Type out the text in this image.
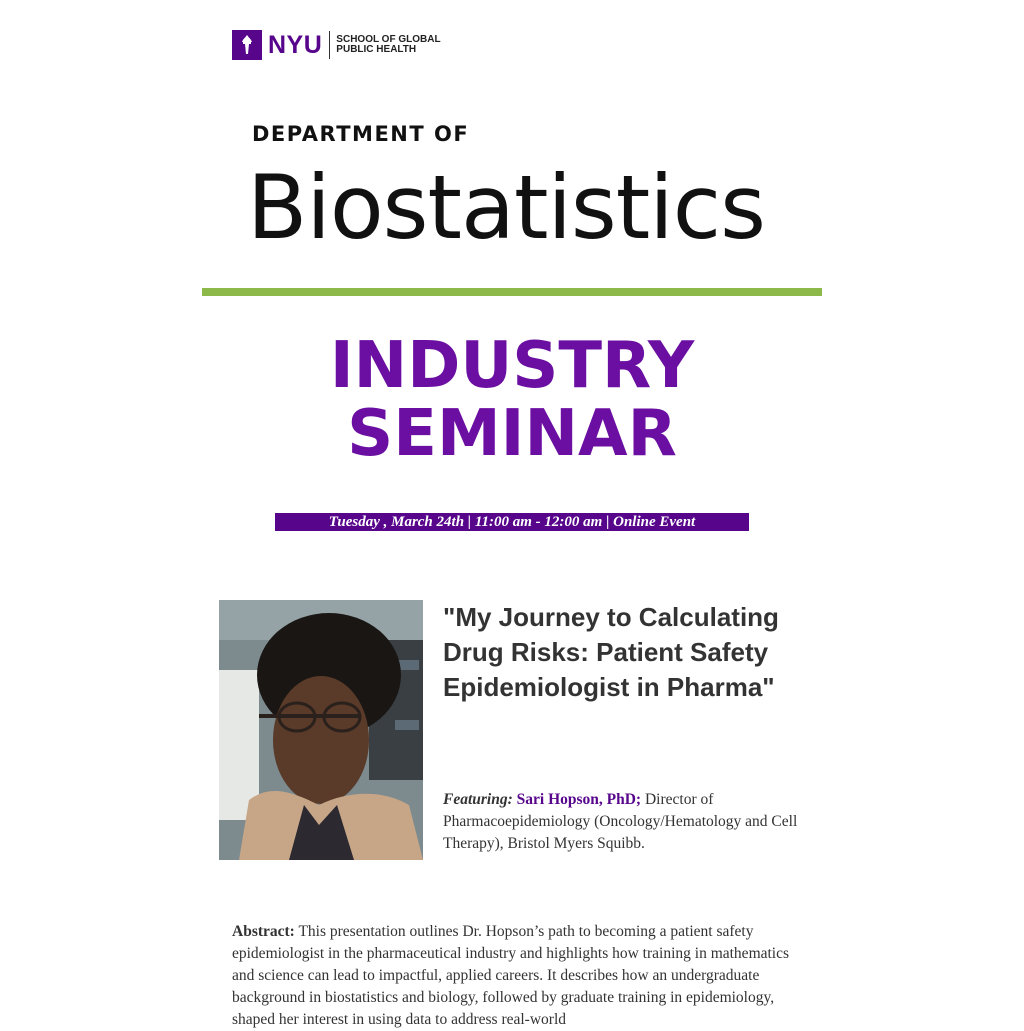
NYU SCHOOL OF GLOBAL
PUBLIC HEALTH
DEPARTMENT OF
Biostatistics
INDUSTRY
SEMINAR
Tuesday , March 24th | 11:00 am - 12:00 am | Online Event
"My Journey to Calculating Drug Risks: Patient Safety Epidemiologist in Pharma"
Featuring: Sari Hopson, PhD; Director of Pharmacoepidemiology (Oncology/Hematology and Cell Therapy), Bristol Myers Squibb.
Abstract: This presentation outlines Dr. Hopson’s path to becoming a patient safety epidemiologist in the pharmaceutical industry and highlights how training in mathematics and science can lead to impactful, applied careers. It describes how an undergraduate background in biostatistics and biology, followed by graduate training in epidemiology, shaped her interest in using data to address real-world
